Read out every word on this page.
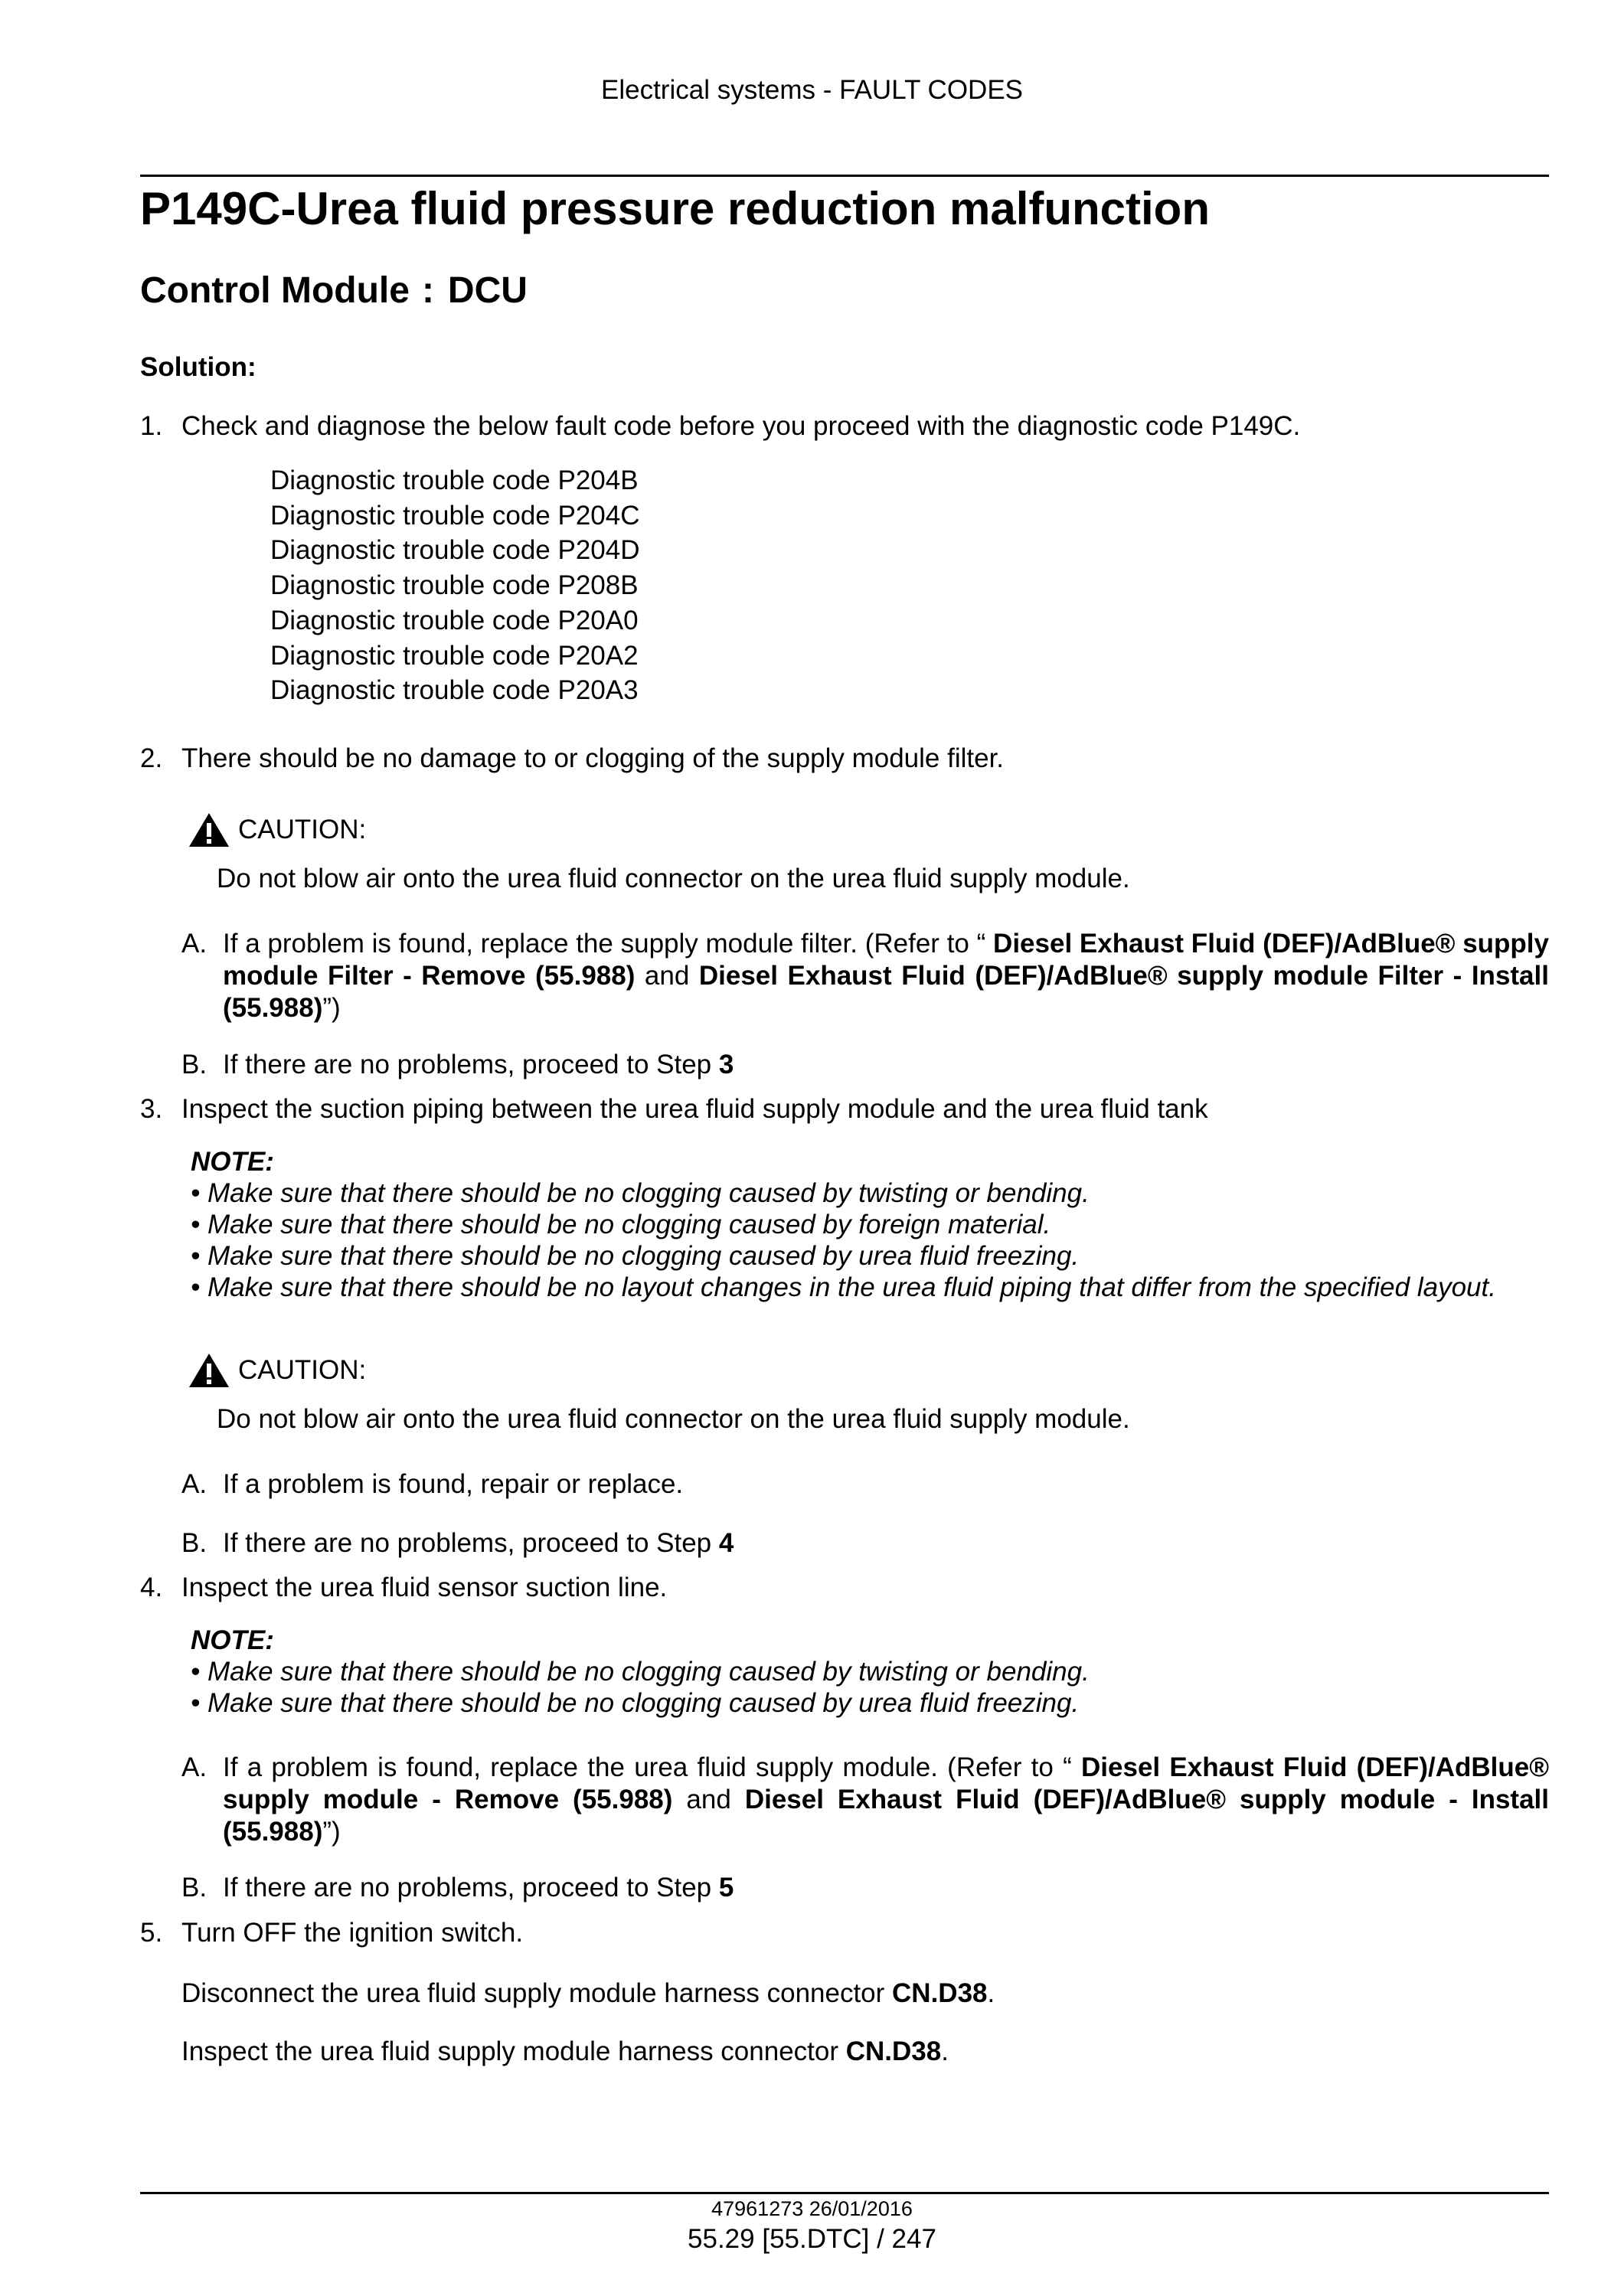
Electrical systems - FAULT CODES
P149C-Urea fluid pressure reduction malfunction
Control Module : DCU
Solution:
1. Check and diagnose the below fault code before you proceed with the diagnostic code P149C.
Diagnostic trouble code P204B
Diagnostic trouble code P204C
Diagnostic trouble code P204D
Diagnostic trouble code P208B
Diagnostic trouble code P20A0
Diagnostic trouble code P20A2
Diagnostic trouble code P20A3
2. There should be no damage to or clogging of the supply module filter.
CAUTION:
Do not blow air onto the urea fluid connector on the urea fluid supply module.
A. If a problem is found, replace the supply module filter. (Refer to “ Diesel Exhaust Fluid (DEF)/AdBlue® supply module Filter - Remove (55.988) and Diesel Exhaust Fluid (DEF)/AdBlue® supply module Filter - Install (55.988)”)
B. If there are no problems, proceed to Step 3
3. Inspect the suction piping between the urea fluid supply module and the urea fluid tank
NOTE:
• Make sure that there should be no clogging caused by twisting or bending.
• Make sure that there should be no clogging caused by foreign material.
• Make sure that there should be no clogging caused by urea fluid freezing.
• Make sure that there should be no layout changes in the urea fluid piping that differ from the specified layout.
CAUTION:
Do not blow air onto the urea fluid connector on the urea fluid supply module.
A. If a problem is found, repair or replace.
B. If there are no problems, proceed to Step 4
4. Inspect the urea fluid sensor suction line.
NOTE:
• Make sure that there should be no clogging caused by twisting or bending.
• Make sure that there should be no clogging caused by urea fluid freezing.
A. If a problem is found, replace the urea fluid supply module. (Refer to “ Diesel Exhaust Fluid (DEF)/AdBlue® supply module - Remove (55.988) and Diesel Exhaust Fluid (DEF)/AdBlue® supply module - Install (55.988)”)
B. If there are no problems, proceed to Step 5
5. Turn OFF the ignition switch.
Disconnect the urea fluid supply module harness connector CN.D38.
Inspect the urea fluid supply module harness connector CN.D38.
47961273 26/01/2016
55.29 [55.DTC] / 247
